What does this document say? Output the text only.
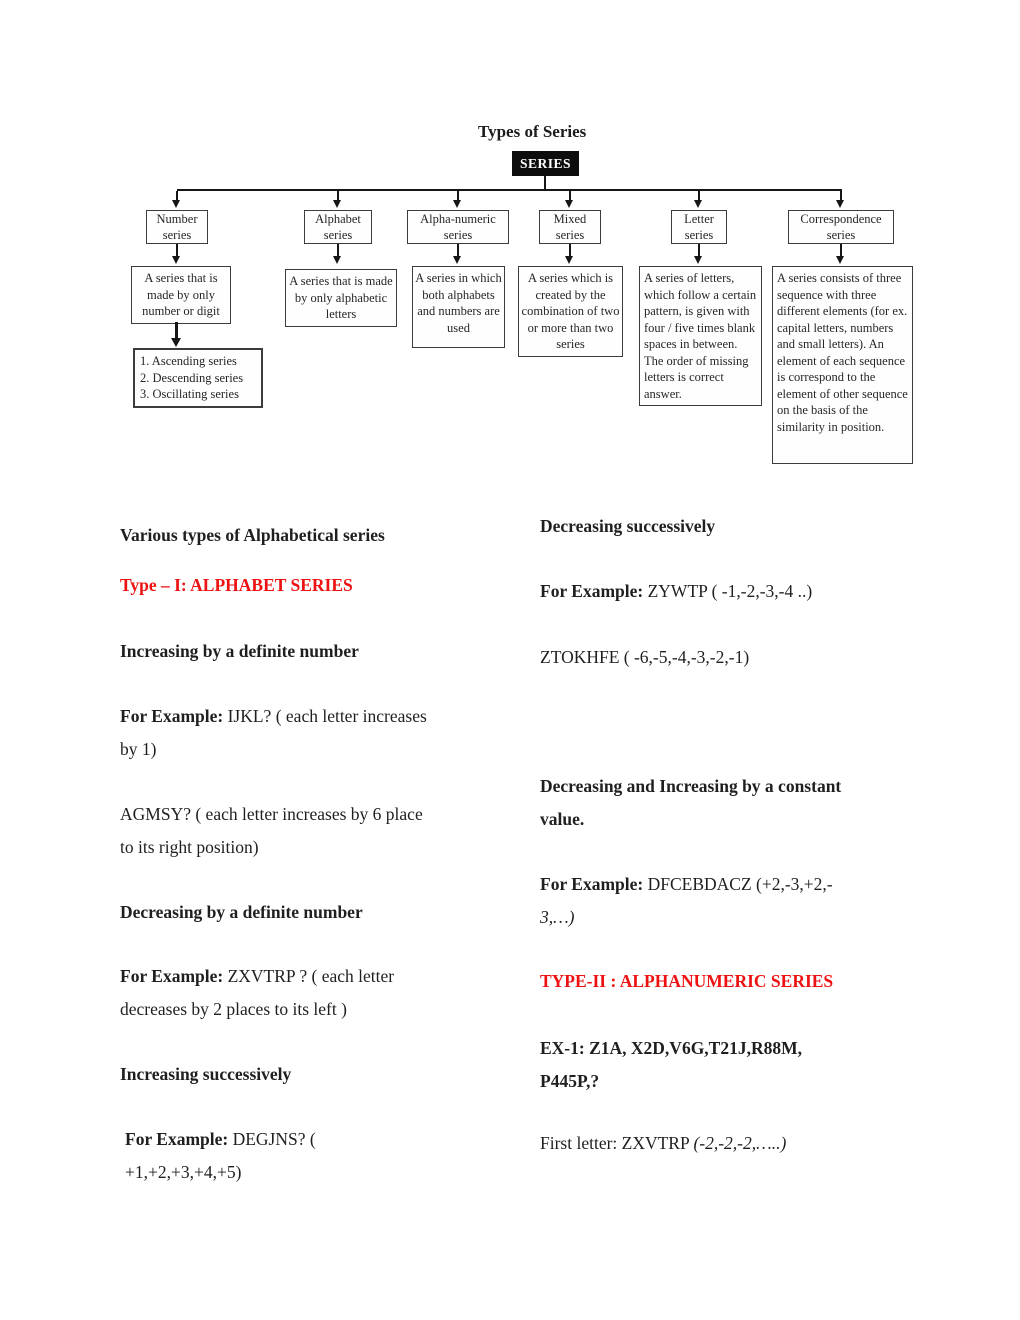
Types of Series
SERIES
Number series
Alphabet series
Alpha-numeric series
Mixed series
Letter series
Correspondence series
A series that is made by only number or digit
A series that is made by only alphabetic letters
A series in which both alphabets and numbers are used
A series which is created by the combination of two or more than two series
A series of letters, which follow a certain pattern, is given with four / five times blank spaces in between. The order of missing letters is correct answer.
A series consists of three sequence with three different elements (for ex. capital letters, numbers and small letters). An element of each sequence is correspond to the element of other sequence on the basis of the similarity in position.
1. Ascending series
2. Descending series
3. Oscillating series
Various types of Alphabetical series
Type – I: ALPHABET SERIES
Increasing by a definite number
For Example: IJKL? ( each letter increases
by 1)
AGMSY? ( each letter increases by 6 place
to its right position)
Decreasing by a definite number
For Example: ZXVTRP ? ( each letter
decreases by 2 places to its left )
Increasing successively
For Example: DEGJNS? (
+1,+2,+3,+4,+5)
Decreasing successively
For Example: ZYWTP ( -1,-2,-3,-4 ..)
ZTOKHFE ( -6,-5,-4,-3,-2,-1)
Decreasing and Increasing by a constant
value.
For Example: DFCEBDACZ (+2,-3,+2,-
3,…)
TYPE-II : ALPHANUMERIC SERIES
EX-1: Z1A, X2D,V6G,T21J,R88M,
P445P,?
First letter: ZXVTRP (-2,-2,-2,…..)
